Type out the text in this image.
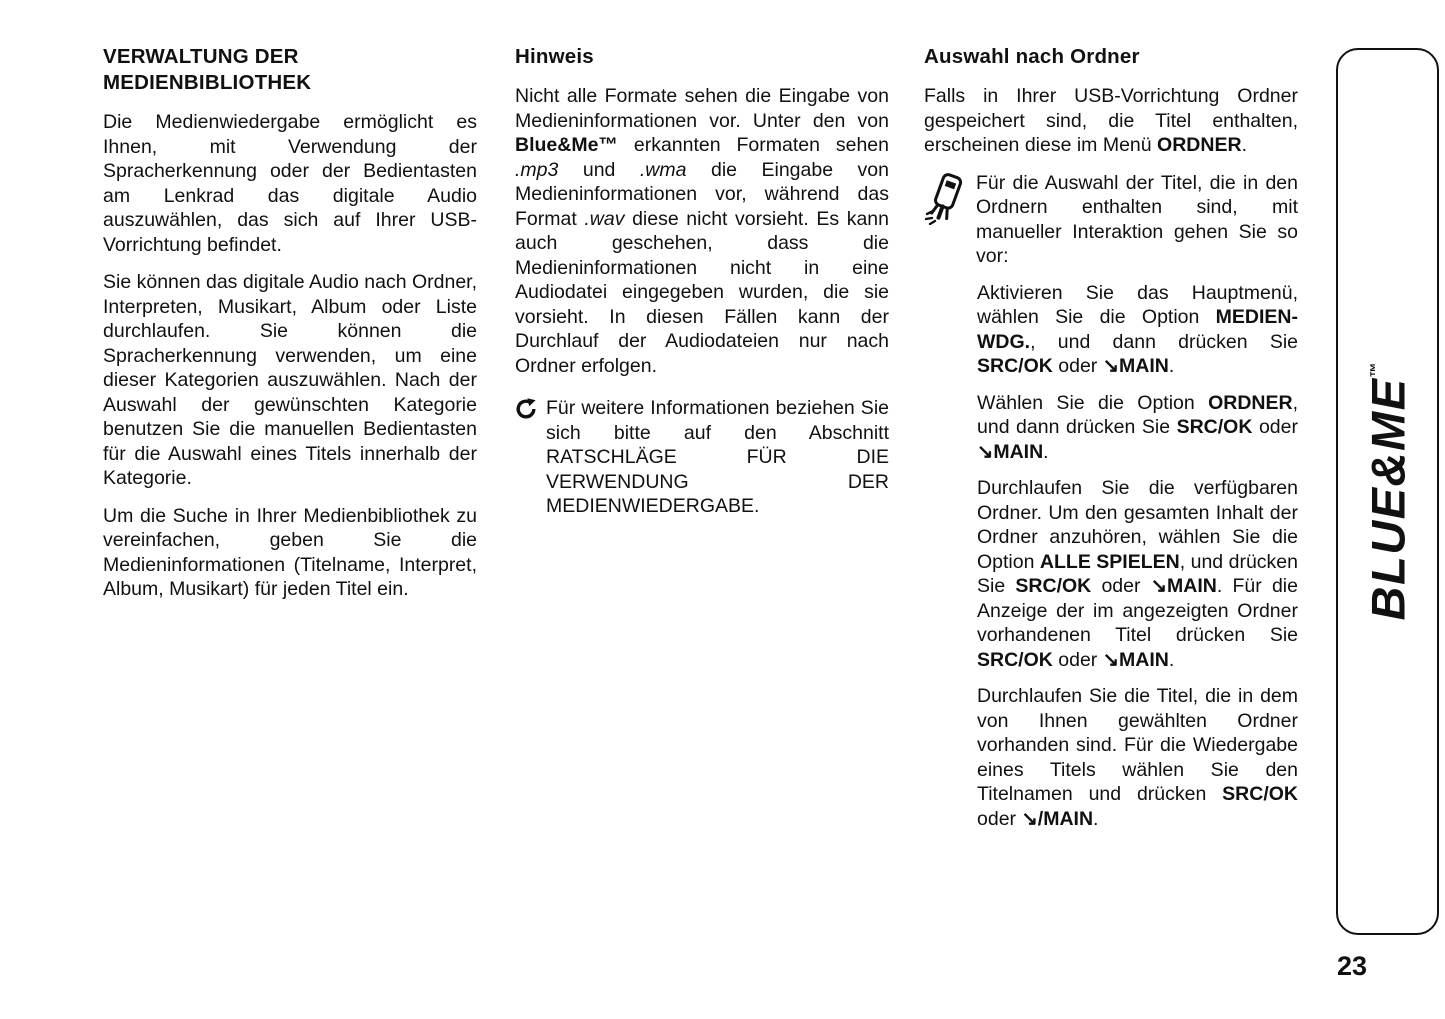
VERWALTUNG DER MEDIENBIBLIOTHEK

Die Medienwiedergabe ermöglicht es Ihnen, mit Verwendung der Spracherkennung oder der Bedientasten am Lenkrad das digitale Audio auszuwählen, das sich auf Ihrer USB-Vorrichtung befindet.

Sie können das digitale Audio nach Ordner, Interpreten, Musikart, Album oder Liste durchlaufen. Sie können die Spracherkennung verwenden, um eine dieser Kategorien auszuwählen. Nach der Auswahl der gewünschten Kategorie benutzen Sie die manuellen Bedientasten für die Auswahl eines Titels innerhalb der Kategorie.

Um die Suche in Ihrer Medienbibliothek zu vereinfachen, geben Sie die Medieninformationen (Titelname, Interpret, Album, Musikart) für jeden Titel ein.

Hinweis

Nicht alle Formate sehen die Eingabe von Medieninformationen vor. Unter den von Blue&Me™ erkannten Formaten sehen .mp3 und .wma die Eingabe von Medieninformationen vor, während das Format .wav diese nicht vorsieht. Es kann auch geschehen, dass die Medieninformationen nicht in eine Audiodatei eingegeben wurden, die sie vorsieht. In diesen Fällen kann der Durchlauf der Audiodateien nur nach Ordner erfolgen.

Für weitere Informationen beziehen Sie sich bitte auf den Abschnitt RATSCHLÄGE FÜR DIE VERWENDUNG DER MEDIENWIEDERGABE.

Auswahl nach Ordner

Falls in Ihrer USB-Vorrichtung Ordner gespeichert sind, die Titel enthalten, erscheinen diese im Menü ORDNER.

Für die Auswahl der Titel, die in den Ordnern enthalten sind, mit manueller Interaktion gehen Sie so vor:

Aktivieren Sie das Hauptmenü, wählen Sie die Option MEDIEN-WDG., und dann drücken Sie SRC/OK oder ↘MAIN.

Wählen Sie die Option ORDNER, und dann drücken Sie SRC/OK oder ↘MAIN.

Durchlaufen Sie die verfügbaren Ordner. Um den gesamten Inhalt der Ordner anzuhören, wählen Sie die Option ALLE SPIELEN, und drücken Sie SRC/OK oder ↘MAIN. Für die Anzeige der im angezeigten Ordner vorhandenen Titel drücken Sie SRC/OK oder ↘MAIN.

Durchlaufen Sie die Titel, die in dem von Ihnen gewählten Ordner vorhanden sind. Für die Wiedergabe eines Titels wählen Sie den Titelnamen und drücken SRC/OK oder ↘/MAIN.

BLUE&ME™
23
